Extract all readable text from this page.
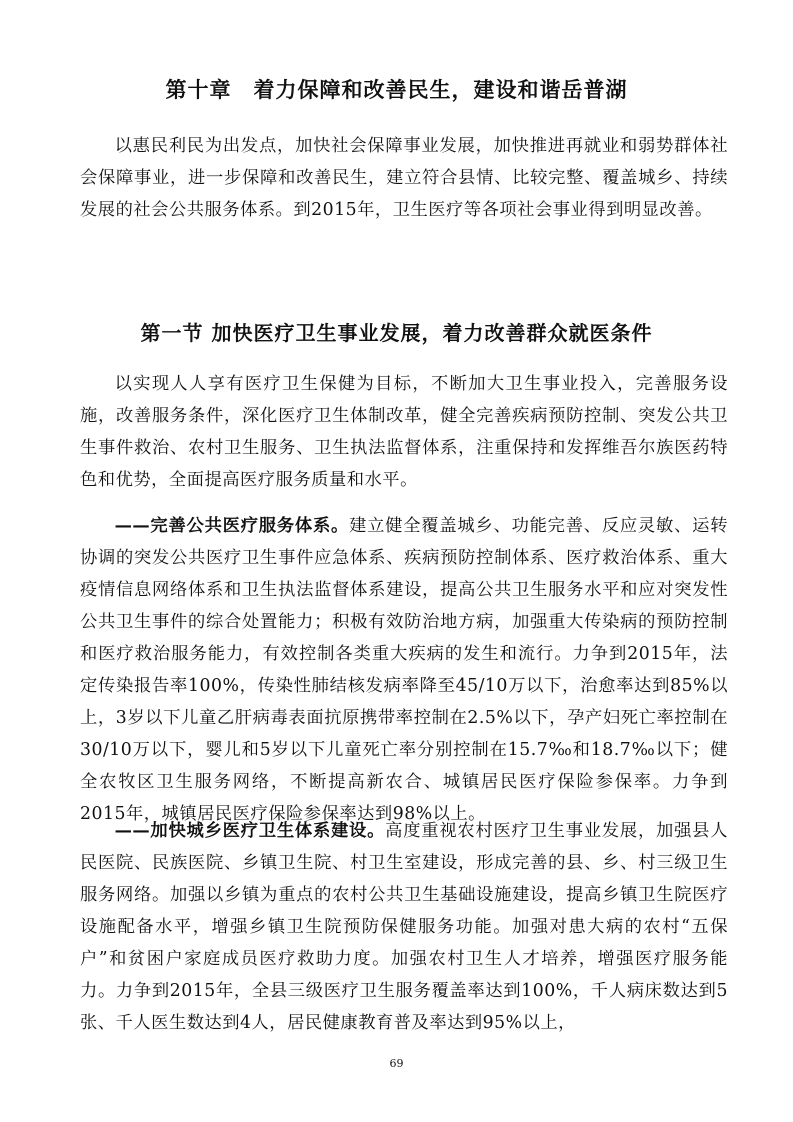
第十章　着力保障和改善民生，建设和谐岳普湖

以惠民利民为出发点，加快社会保障事业发展，加快推进再就业和弱势群体社会保障事业，进一步保障和改善民生，建立符合县情、比较完整、覆盖城乡、持续发展的社会公共服务体系。到2015年，卫生医疗等各项社会事业得到明显改善。

第一节 加快医疗卫生事业发展，着力改善群众就医条件

以实现人人享有医疗卫生保健为目标，不断加大卫生事业投入，完善服务设施，改善服务条件，深化医疗卫生体制改革，健全完善疾病预防控制、突发公共卫生事件救治、农村卫生服务、卫生执法监督体系，注重保持和发挥维吾尔族医药特色和优势，全面提高医疗服务质量和水平。

——完善公共医疗服务体系。建立健全覆盖城乡、功能完善、反应灵敏、运转协调的突发公共医疗卫生事件应急体系、疾病预防控制体系、医疗救治体系、重大疫情信息网络体系和卫生执法监督体系建设，提高公共卫生服务水平和应对突发性公共卫生事件的综合处置能力；积极有效防治地方病，加强重大传染病的预防控制和医疗救治服务能力，有效控制各类重大疾病的发生和流行。力争到2015年，法定传染报告率100%，传染性肺结核发病率降至45/10万以下，治愈率达到85%以上，3岁以下儿童乙肝病毒表面抗原携带率控制在2.5%以下，孕产妇死亡率控制在30/10万以下，婴儿和5岁以下儿童死亡率分别控制在15.7‰和18.7‰以下；健全农牧区卫生服务网络，不断提高新农合、城镇居民医疗保险参保率。力争到2015年，城镇居民医疗保险参保率达到98%以上。

——加快城乡医疗卫生体系建设。高度重视农村医疗卫生事业发展，加强县人民医院、民族医院、乡镇卫生院、村卫生室建设，形成完善的县、乡、村三级卫生服务网络。加强以乡镇为重点的农村公共卫生基础设施建设，提高乡镇卫生院医疗设施配备水平，增强乡镇卫生院预防保健服务功能。加强对患大病的农村“五保户”和贫困户家庭成员医疗救助力度。加强农村卫生人才培养，增强医疗服务能力。力争到2015年，全县三级医疗卫生服务覆盖率达到100%，千人病床数达到5张、千人医生数达到4人，居民健康教育普及率达到95%以上，

69
